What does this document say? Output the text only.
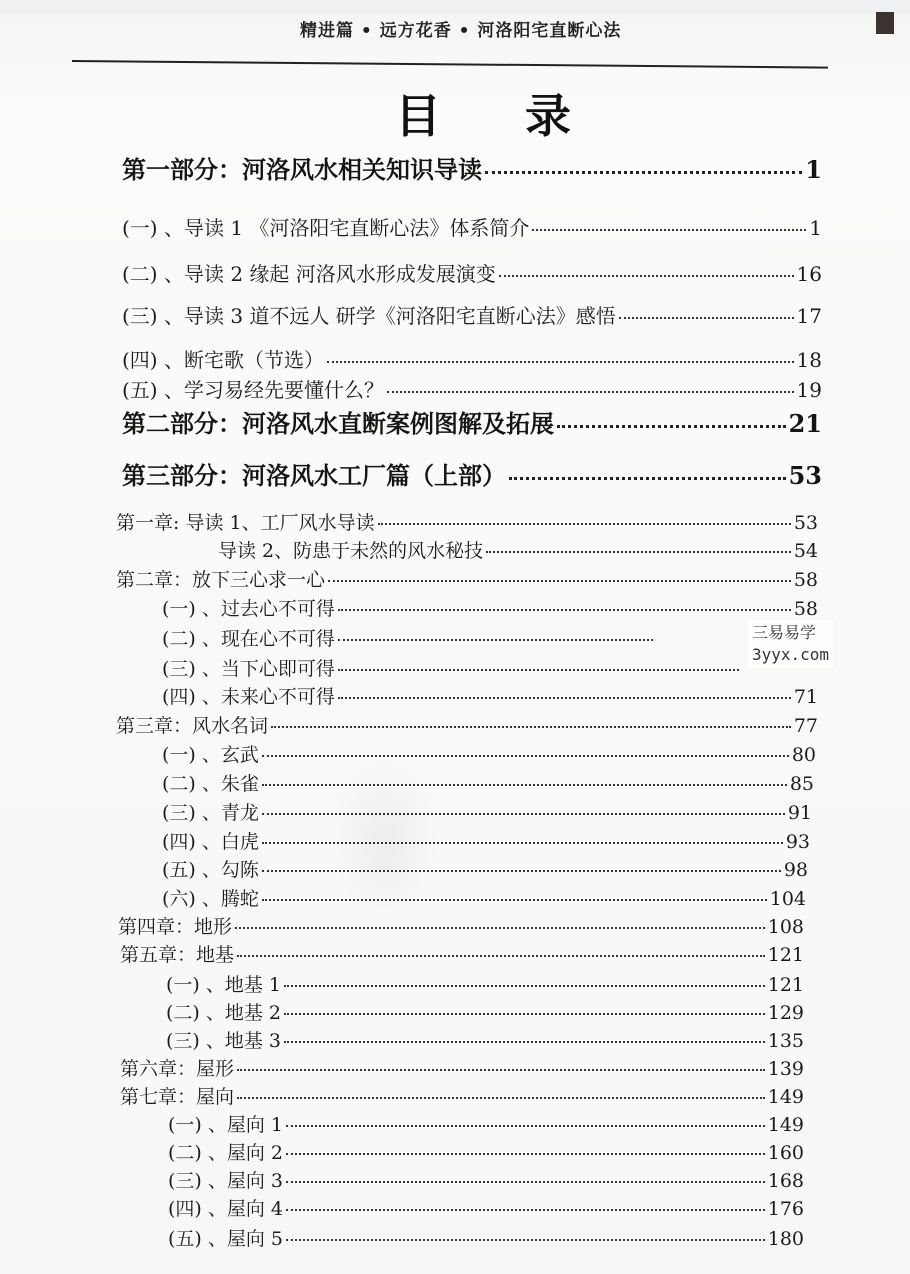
精进篇 • 远方花香 • 河洛阳宅直断心法
目 录
第一部分：河洛风水相关知识导读	1
(一) 、导读 1 《河洛阳宅直断心法》体系简介	1
(二) 、导读 2 缘起 河洛风水形成发展演变	16
(三) 、导读 3 道不远人 研学《河洛阳宅直断心法》感悟	17
(四) 、断宅歌（节选）	18
(五) 、学习易经先要懂什么？	19
第二部分：河洛风水直断案例图解及拓展	21
第三部分：河洛风水工厂篇（上部）	53
第一章: 导读 1、工厂风水导读	53
导读 2、防患于未然的风水秘技	54
第二章：放下三心求一心	58
(一) 、过去心不可得	58
(二) 、现在心不可得
(三) 、当下心即可得
(四) 、未来心不可得	71
第三章：风水名词	77
(一) 、玄武	80
(二) 、朱雀	85
(三) 、青龙	91
(四) 、白虎	93
(五) 、勾陈	98
(六) 、腾蛇	104
第四章：地形	108
第五章：地基	121
(一) 、地基 1	121
(二) 、地基 2	129
(三) 、地基 3	135
第六章：屋形	139
第七章：屋向	149
(一) 、屋向 1	149
(二) 、屋向 2	160
(三) 、屋向 3	168
(四) 、屋向 4	176
(五) 、屋向 5	180
三易易学
3yyx.com
